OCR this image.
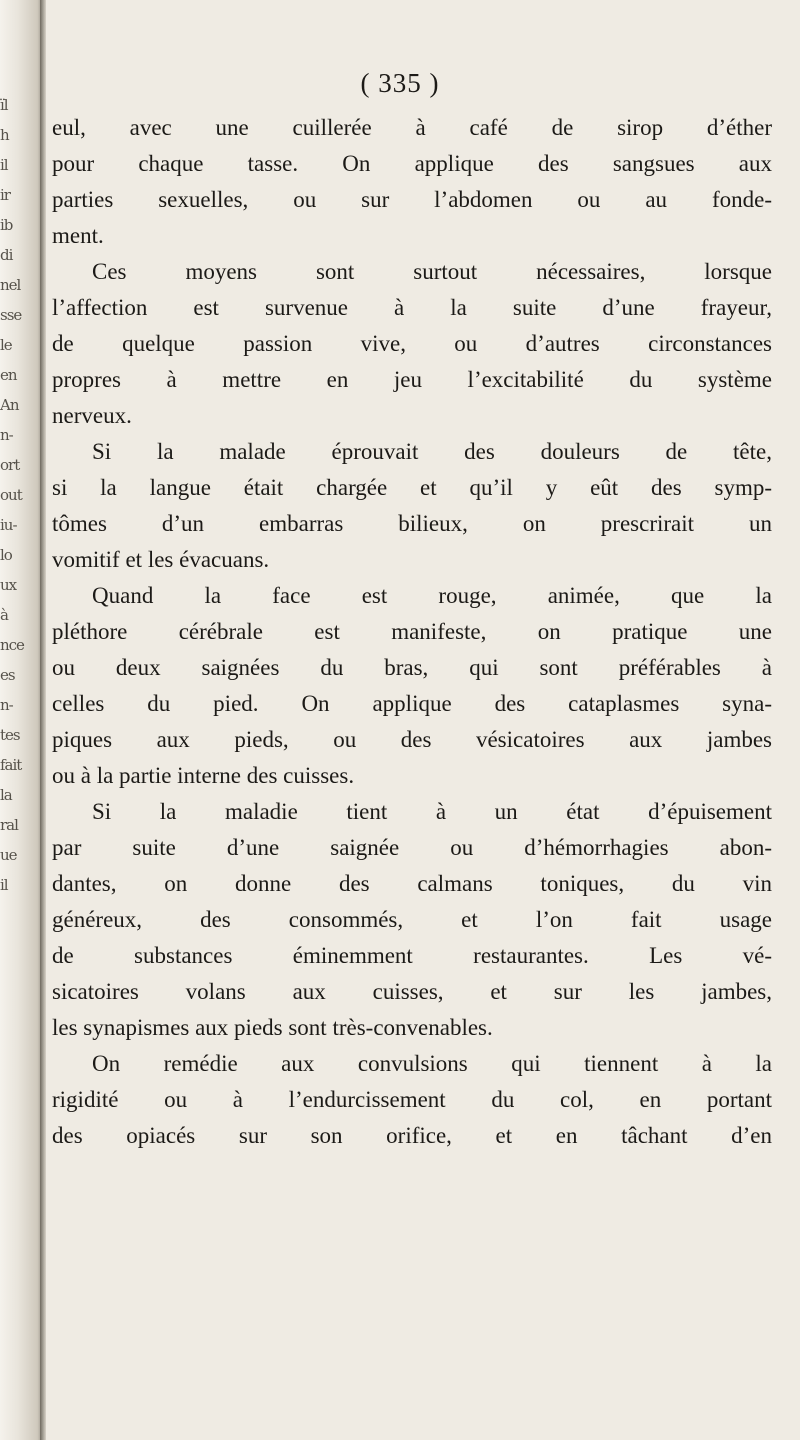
ïl
h
il
ir
ib
di
nel
sse
le
en
An
n-
ort
out
iu-
lo
ux
à
nce
es
n-
tes
fait
la
ral
ue
il
( 335 )
eul, avec une cuillerée à café de sirop d’éther
pour chaque tasse. On applique des sangsues aux
parties sexuelles, ou sur l’abdomen ou au fonde-
ment.
Ces moyens sont surtout nécessaires, lorsque
l’affection est survenue à la suite d’une frayeur,
de quelque passion vive, ou d’autres circonstances
propres à mettre en jeu l’excitabilité du système
nerveux.
Si la malade éprouvait des douleurs de tête,
si la langue était chargée et qu’il y eût des symp-
tômes d’un embarras bilieux, on prescrirait un
vomitif et les évacuans.
Quand la face est rouge, animée, que la
pléthore cérébrale est manifeste, on pratique une
ou deux saignées du bras, qui sont préférables à
celles du pied. On applique des cataplasmes syna-
piques aux pieds, ou des vésicatoires aux jambes
ou à la partie interne des cuisses.
Si la maladie tient à un état d’épuisement
par suite d’une saignée ou d’hémorrhagies abon-
dantes, on donne des calmans toniques, du vin
généreux, des consommés, et l’on fait usage
de substances éminemment restaurantes. Les vé-
sicatoires volans aux cuisses, et sur les jambes,
les synapismes aux pieds sont très-convenables.
On remédie aux convulsions qui tiennent à la
rigidité ou à l’endurcissement du col, en portant
des opiacés sur son orifice, et en tâchant d’en
